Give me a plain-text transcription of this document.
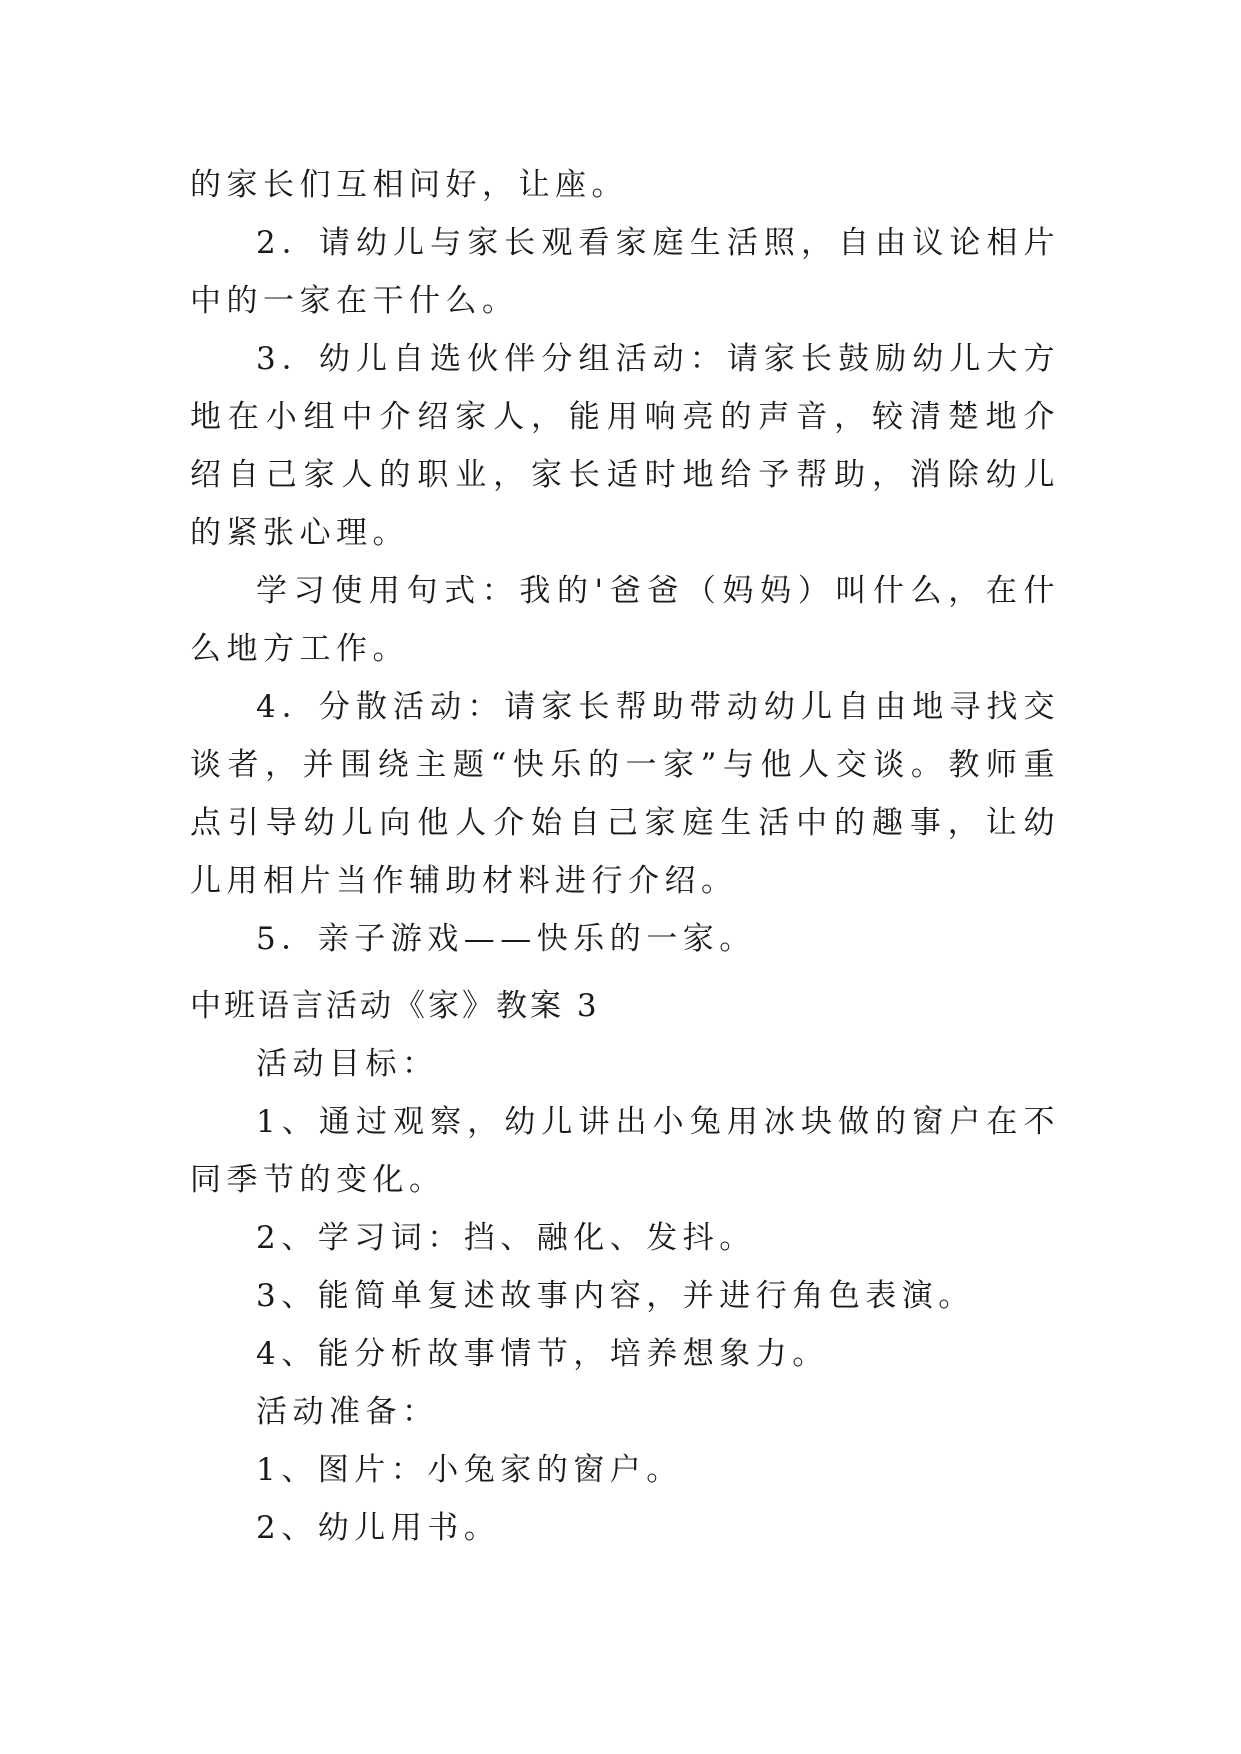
的家长们互相问好，让座。

2．请幼儿与家长观看家庭生活照，自由议论相片中的一家在干什么。

3．幼儿自选伙伴分组活动：请家长鼓励幼儿大方地在小组中介绍家人，能用响亮的声音，较清楚地介绍自己家人的职业，家长适时地给予帮助，消除幼儿的紧张心理。

学习使用句式：我的'爸爸（妈妈）叫什么，在什么地方工作。

4．分散活动：请家长帮助带动幼儿自由地寻找交谈者，并围绕主题“快乐的一家”与他人交谈。教师重点引导幼儿向他人介始自己家庭生活中的趣事，让幼儿用相片当作辅助材料进行介绍。

5．亲子游戏——快乐的一家。

中班语言活动《家》教案 3

活动目标：

1、通过观察，幼儿讲出小兔用冰块做的窗户在不同季节的变化。

2、学习词：挡、融化、发抖。

3、能简单复述故事内容，并进行角色表演。

4、能分析故事情节，培养想象力。

活动准备：

1、图片：小兔家的窗户。

2、幼儿用书。
